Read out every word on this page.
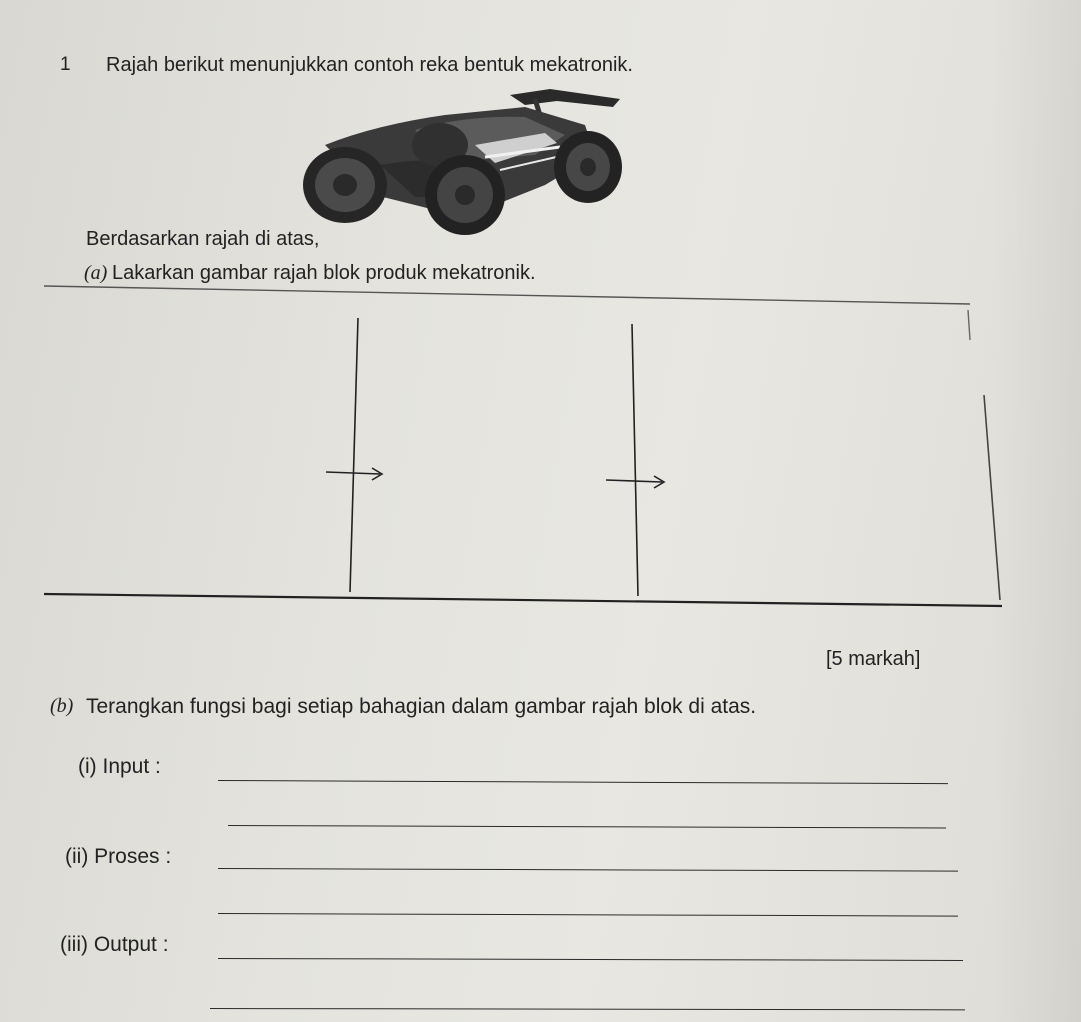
1 Rajah berikut menunjukkan contoh reka bentuk mekatronik.
Berdasarkan rajah di atas,
(a) Lakarkan gambar rajah blok produk mekatronik.
[5 markah]
(b) Terangkan fungsi bagi setiap bahagian dalam gambar rajah blok di atas.
(i) Input :
(ii) Proses :
(iii) Output :
